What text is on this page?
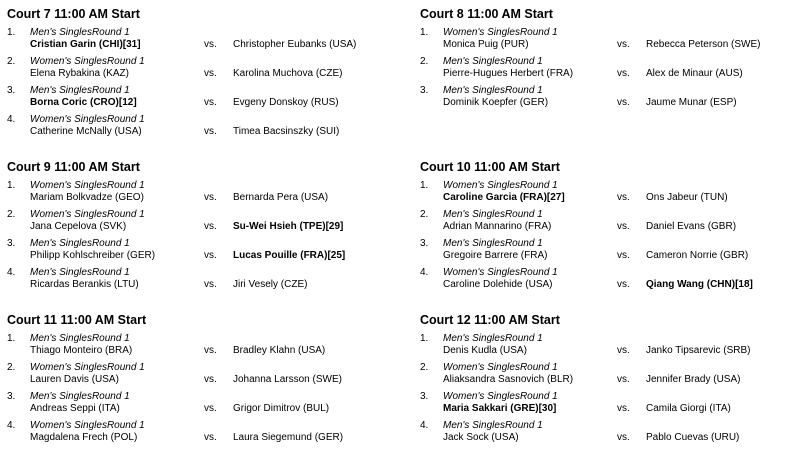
Court 7 11:00 AM Start
1. Men's SinglesRound 1
Cristian Garin (CHI)[31]	vs. Christopher Eubanks (USA)
2. Women's SinglesRound 1
Elena Rybakina (KAZ)	vs. Karolina Muchova (CZE)
3. Men's SinglesRound 1
Borna Coric (CRO)[12]	vs. Evgeny Donskoy (RUS)
4. Women's SinglesRound 1
Catherine McNally (USA)	vs. Timea Bacsinszky (SUI)
Court 8 11:00 AM Start
1. Women's SinglesRound 1
Monica Puig (PUR)	vs. Rebecca Peterson (SWE)
2. Men's SinglesRound 1
Pierre-Hugues Herbert (FRA)	vs. Alex de Minaur (AUS)
3. Men's SinglesRound 1
Dominik Koepfer (GER)	vs. Jaume Munar (ESP)
Court 9 11:00 AM Start
1. Women's SinglesRound 1
Mariam Bolkvadze (GEO)	vs. Bernarda Pera (USA)
2. Women's SinglesRound 1
Jana Cepelova (SVK)	vs. Su-Wei Hsieh (TPE)[29]
3. Men's SinglesRound 1
Philipp Kohlschreiber (GER)	vs. Lucas Pouille (FRA)[25]
4. Men's SinglesRound 1
Ricardas Berankis (LTU)	vs. Jiri Vesely (CZE)
Court 10 11:00 AM Start
1. Women's SinglesRound 1
Caroline Garcia (FRA)[27]	vs. Ons Jabeur (TUN)
2. Men's SinglesRound 1
Adrian Mannarino (FRA)	vs. Daniel Evans (GBR)
3. Men's SinglesRound 1
Gregoire Barrere (FRA)	vs. Cameron Norrie (GBR)
4. Women's SinglesRound 1
Caroline Dolehide (USA)	vs. Qiang Wang (CHN)[18]
Court 11 11:00 AM Start
1. Men's SinglesRound 1
Thiago Monteiro (BRA)	vs. Bradley Klahn (USA)
2. Women's SinglesRound 1
Lauren Davis (USA)	vs. Johanna Larsson (SWE)
3. Men's SinglesRound 1
Andreas Seppi (ITA)	vs. Grigor Dimitrov (BUL)
4. Women's SinglesRound 1
Magdalena Frech (POL)	vs. Laura Siegemund (GER)
Court 12 11:00 AM Start
1. Men's SinglesRound 1
Denis Kudla (USA)	vs. Janko Tipsarevic (SRB)
2. Women's SinglesRound 1
Aliaksandra Sasnovich (BLR)	vs. Jennifer Brady (USA)
3. Women's SinglesRound 1
Maria Sakkari (GRE)[30]	vs. Camila Giorgi (ITA)
4. Men's SinglesRound 1
Jack Sock (USA)	vs. Pablo Cuevas (URU)
